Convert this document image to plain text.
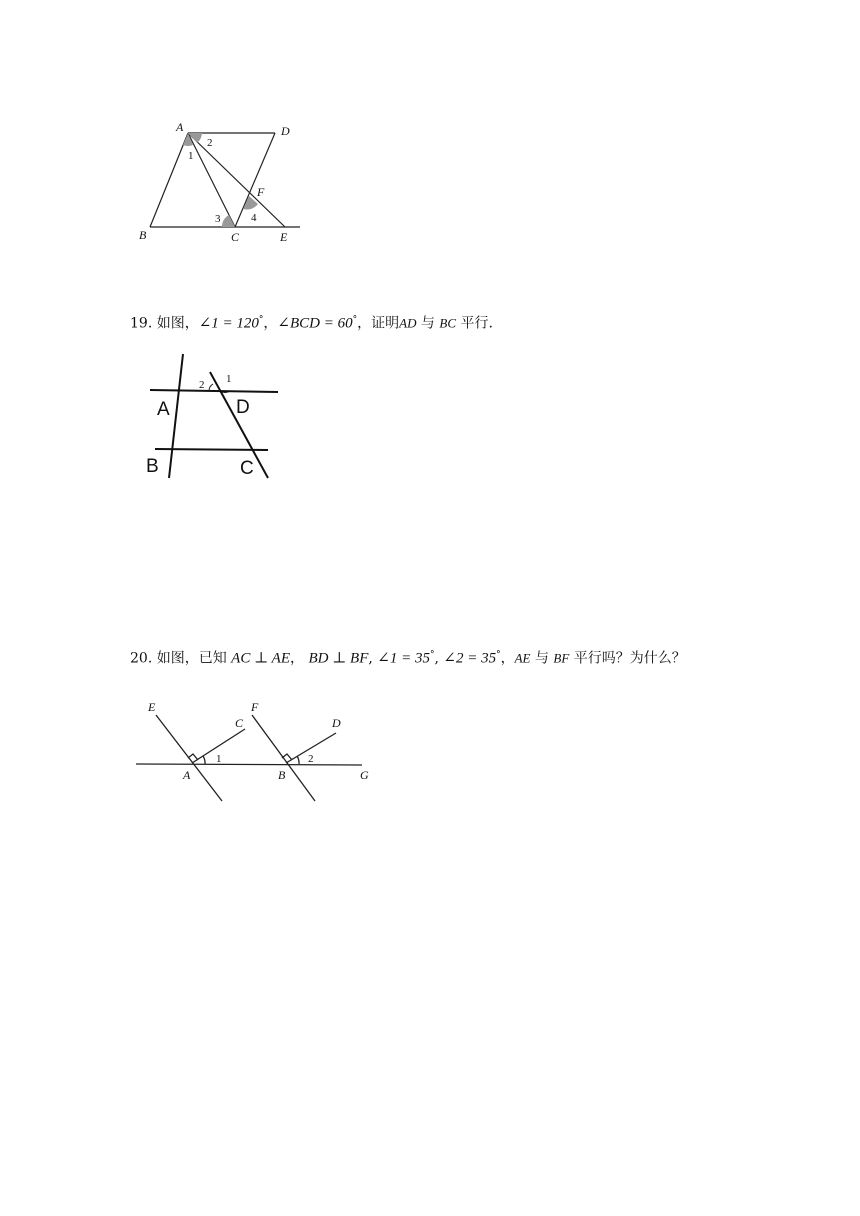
A	D
B	C	E
F
1
2
3	4
19. 如图，∠1 = 120°，∠BCD = 60°，证明AD 与 BC 平行.
2 1
A	D
B	C
20. 如图，已知 AC ⊥ AE， BD ⊥ BF, ∠1 = 35°, ∠2 = 35°，AE 与 BF 平行吗？为什么？
E
C
F
D
A	B	G
1	2
